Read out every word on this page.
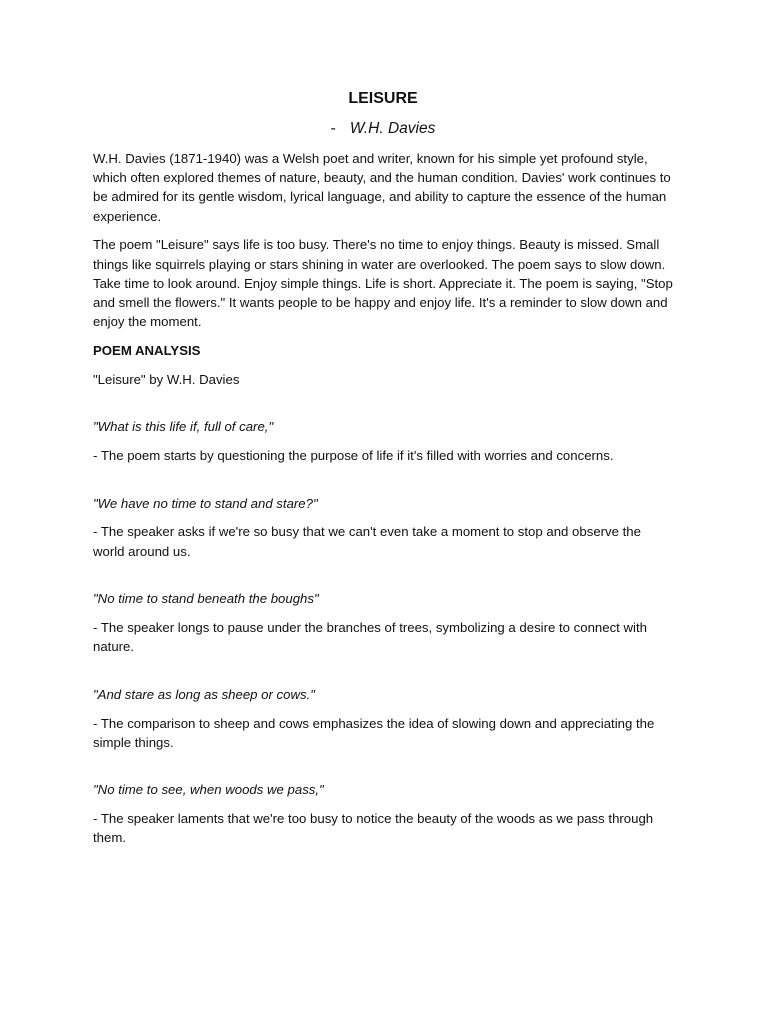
LEISURE
- W.H. Davies

W.H. Davies (1871-1940) was a Welsh poet and writer, known for his simple yet profound style, which often explored themes of nature, beauty, and the human condition. Davies' work continues to be admired for its gentle wisdom, lyrical language, and ability to capture the essence of the human experience.

The poem "Leisure" says life is too busy. There's no time to enjoy things. Beauty is missed. Small things like squirrels playing or stars shining in water are overlooked. The poem says to slow down. Take time to look around. Enjoy simple things. Life is short. Appreciate it. The poem is saying, "Stop and smell the flowers." It wants people to be happy and enjoy life. It's a reminder to slow down and enjoy the moment.

POEM ANALYSIS

"Leisure" by W.H. Davies

"What is this life if, full of care,"
- The poem starts by questioning the purpose of life if it's filled with worries and concerns.
"We have no time to stand and stare?"
- The speaker asks if we're so busy that we can't even take a moment to stop and observe the world around us.
"No time to stand beneath the boughs"
- The speaker longs to pause under the branches of trees, symbolizing a desire to connect with nature.
"And stare as long as sheep or cows."
- The comparison to sheep and cows emphasizes the idea of slowing down and appreciating the simple things.
"No time to see, when woods we pass,"
- The speaker laments that we're too busy to notice the beauty of the woods as we pass through them.
